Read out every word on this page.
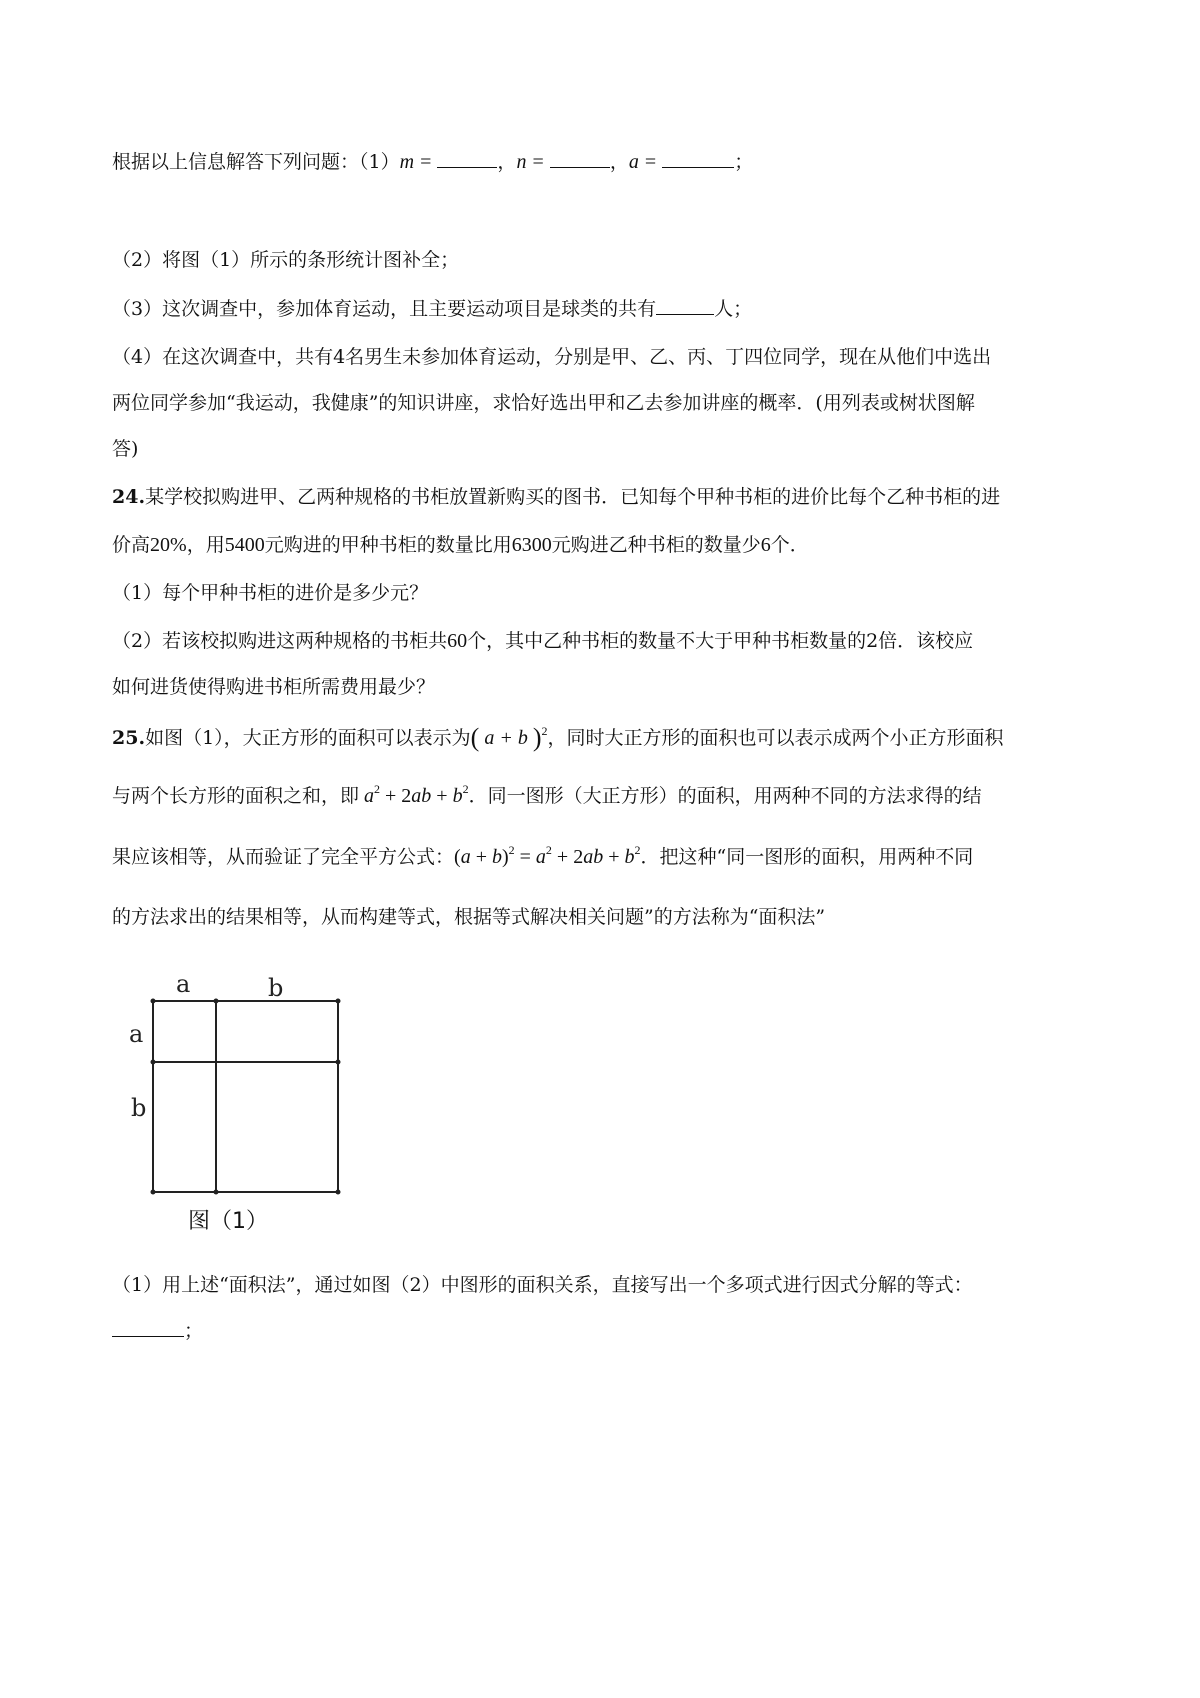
根据以上信息解答下列问题：（1）m =	，n =	，a =	；
（2）将图（1）所示的条形统计图补全；
（3）这次调查中，参加体育运动，且主要运动项目是球类的共有	人；
（4）在这次调查中，共有4名男生未参加体育运动，分别是甲、乙、丙、丁四位同学，现在从他们中选出
两位同学参加“我运动，我健康”的知识讲座，求恰好选出甲和乙去参加讲座的概率．(用列表或树状图解
答)
24.某学校拟购进甲、乙两种规格的书柜放置新购买的图书．已知每个甲种书柜的进价比每个乙种书柜的进
价高20%，用5400元购进的甲种书柜的数量比用6300元购进乙种书柜的数量少6个．
（1）每个甲种书柜的进价是多少元？
（2）若该校拟购进这两种规格的书柜共60个，其中乙种书柜的数量不大于甲种书柜数量的2倍．该校应
如何进货使得购进书柜所需费用最少？
25.如图（1），大正方形的面积可以表示为( a + b )$^2$，同时大正方形的面积也可以表示成两个小正方形面积
与两个长方形的面积之和，即 $a^2 + 2ab + b^2$．同一图形（大正方形）的面积，用两种不同的方法求得的结
果应该相等，从而验证了完全平方公式：$(a + b)^2 = a^2 + 2ab + b^2$．把这种“同一图形的面积，用两种不同
的方法求出的结果相等，从而构建等式，根据等式解决相关问题”的方法称为“面积法”
a	b
a
b
图（1）
（1）用上述“面积法”，通过如图（2）中图形的面积关系，直接写出一个多项式进行因式分解的等式：
；
